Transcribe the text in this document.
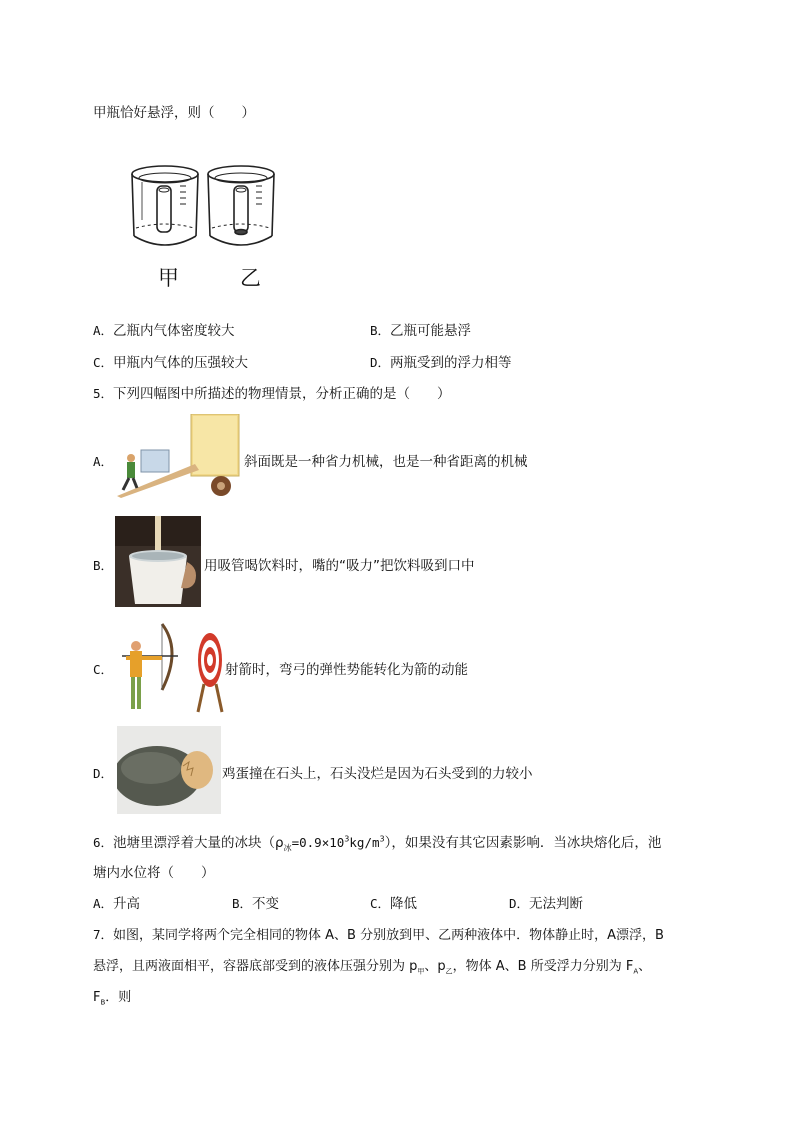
甲瓶恰好悬浮，则（　　）
甲	乙
A．乙瓶内气体密度较大	B．乙瓶可能悬浮
C．甲瓶内气体的压强较大	D．两瓶受到的浮力相等
5．下列四幅图中所描述的物理情景，分析正确的是（　　）
A．	斜面既是一种省力机械，也是一种省距离的机械
B．	用吸管喝饮料时，嘴的“吸力”把饮料吸到口中
C．	射箭时，弯弓的弹性势能转化为箭的动能
D．	鸡蛋撞在石头上，石头没烂是因为石头受到的力较小
6．池塘里漂浮着大量的冰块$(\rho_冰=0.9\times 10^3kg/m^3)$，如果没有其它因素影响．当冰块熔化后，池
塘内水位将（　　）
A．升高	B．不变	C．降低	D．无法判断
7．如图，某同学将两个完全相同的物体 A、B 分别放到甲、乙两种液体中．物体静止时，A漂浮，B
悬浮，且两液面相平，容器底部受到的液体压强分别为 $p_甲$、$p_乙$，物体 A、B 所受浮力分别为 $F_A$、
$F_B$．则
